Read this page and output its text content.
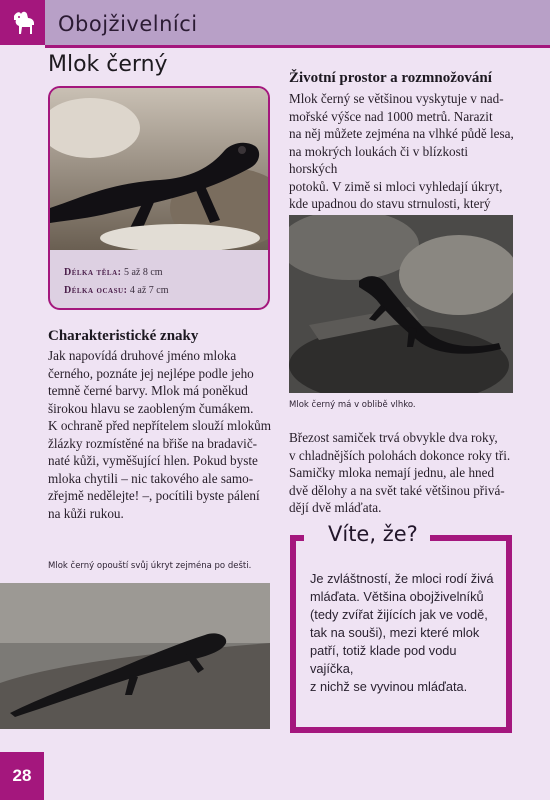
Obojživelníci
Mlok černý
Délka těla: 5 až 8 cm
Délka ocasu: 4 až 7 cm
Charakteristické znaky
Jak napovídá druhové jméno mloka
černého, poznáte jej nejlépe podle jeho
temně černé barvy. Mlok má poněkud
širokou hlavu se zaobleným čumákem.
K ochraně před nepřítelem slouží mlokům
žlázky rozmístěné na břiše na bradavič-
naté kůži, vyměšující hlen. Pokud byste
mloka chytili – nic takového ale samo-
zřejmě nedělejte! –, pocítili byste pálení
na kůži rukou.
Životní prostor a rozmnožování
Mlok černý se většinou vyskytuje v nad-
mořské výšce nad 1000 metrů. Narazit
na něj můžete zejména na vlhké půdě lesa,
na mokrých loukách či v blízkosti horských
potoků. V zimě si mloci vyhledají úkryt,
kde upadnou do stavu strnulosti, který
Mlok černý má v oblibě vlhko.
Březost samiček trvá obvykle dva roky,
v chladnějších polohách dokonce roky tři.
Samičky mloka nemají jednu, ale hned
dvě dělohy a na svět také většinou přivá-
dějí dvě mláďata.
Mlok černý opouští svůj úkryt zejména po dešti.
Víte, že?
Je zvláštností, že mloci rodí živá
mláďata. Většina obojživelníků
(tedy zvířat žijících jak ve vodě,
tak na souši), mezi které mlok
patří, totiž klade pod vodu vajíčka,
z nichž se vyvinou mláďata.
28
